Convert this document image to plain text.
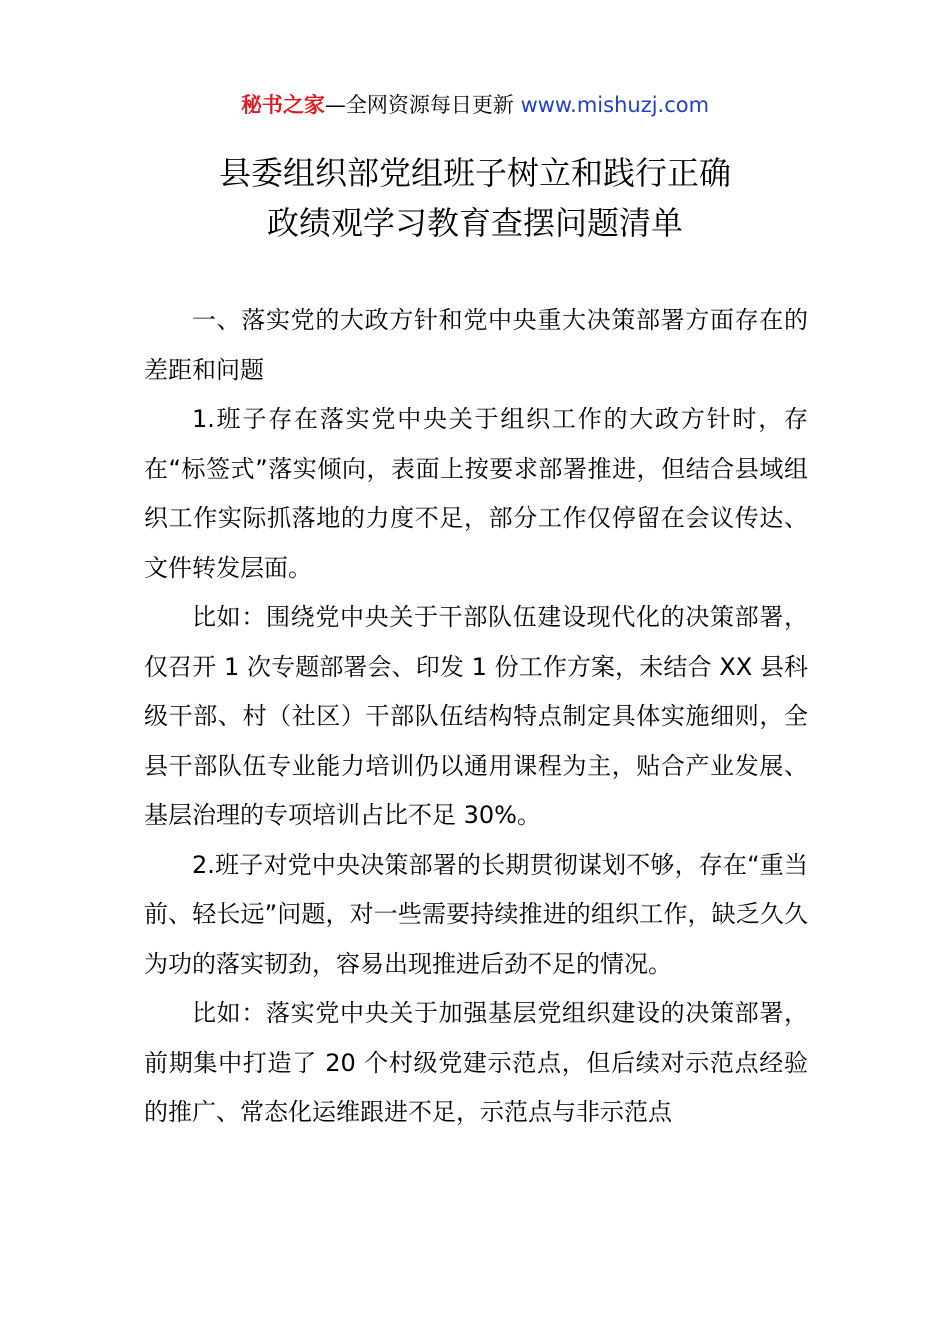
秘书之家—全网资源每日更新 www.mishuzj.com
县委组织部党组班子树立和践行正确
政绩观学习教育查摆问题清单

一、落实党的大政方针和党中央重大决策部署方面存在的差距和问题

1.班子存在落实党中央关于组织工作的大政方针时，存在“标签式”落实倾向，表面上按要求部署推进，但结合县域组织工作实际抓落地的力度不足，部分工作仅停留在会议传达、文件转发层面。

比如：围绕党中央关于干部队伍建设现代化的决策部署，仅召开 1 次专题部署会、印发 1 份工作方案，未结合 XX 县科级干部、村（社区）干部队伍结构特点制定具体实施细则，全县干部队伍专业能力培训仍以通用课程为主，贴合产业发展、基层治理的专项培训占比不足 30%。

2.班子对党中央决策部署的长期贯彻谋划不够，存在“重当前、轻长远”问题，对一些需要持续推进的组织工作，缺乏久久为功的落实韧劲，容易出现推进后劲不足的情况。

比如：落实党中央关于加强基层党组织建设的决策部署，前期集中打造了 20 个村级党建示范点，但后续对示范点经验的推广、常态化运维跟进不足，示范点与非示范点
